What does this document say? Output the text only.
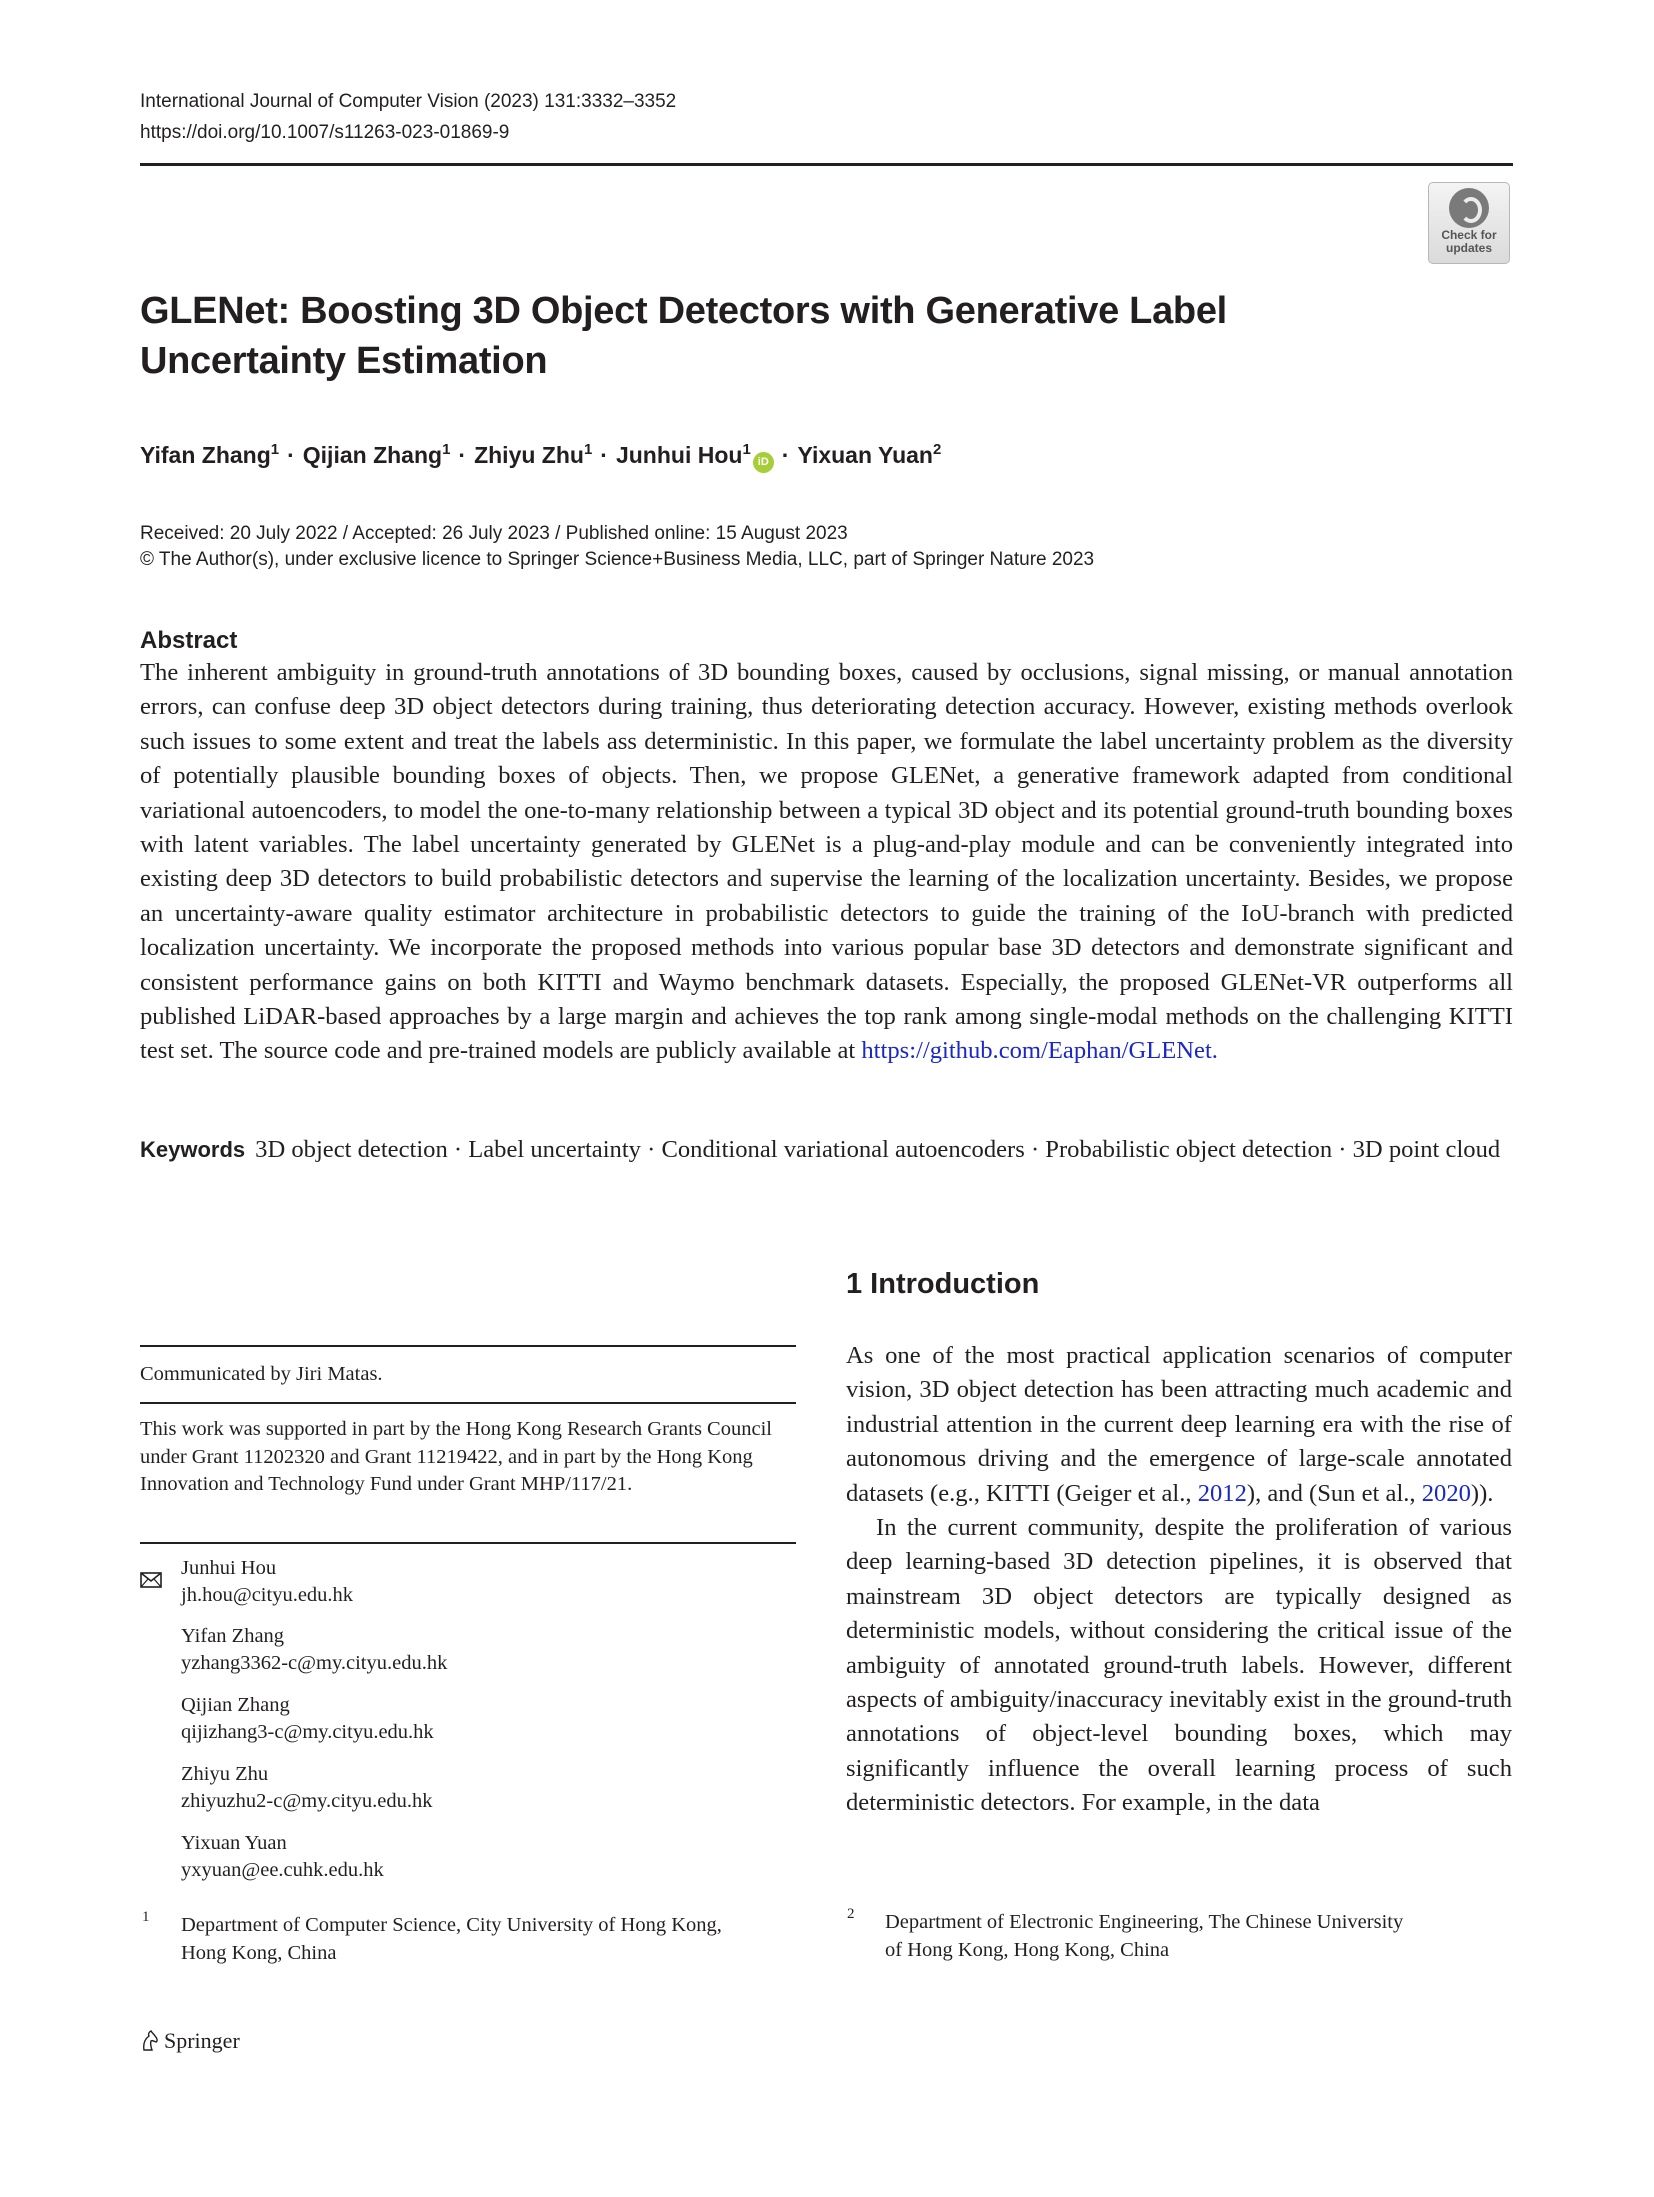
International Journal of Computer Vision (2023) 131:3332–3352
https://doi.org/10.1007/s11263-023-01869-9
Check for
updates
GLENet: Boosting 3D Object Detectors with Generative Label Uncertainty Estimation
Yifan Zhang$^1$ · Qijian Zhang$^1$ · Zhiyu Zhu$^1$ · Junhui Hou$^1$iD · Yixuan Yuan$^2$
Received: 20 July 2022 / Accepted: 26 July 2023 / Published online: 15 August 2023
© The Author(s), under exclusive licence to Springer Science+Business Media, LLC, part of Springer Nature 2023
Abstract

The inherent ambiguity in ground-truth annotations of 3D bounding boxes, caused by occlusions, signal missing, or manual annotation errors, can confuse deep 3D object detectors during training, thus deteriorating detection accuracy. However, existing methods overlook such issues to some extent and treat the labels ass deterministic. In this paper, we formulate the label uncertainty problem as the diversity of potentially plausible bounding boxes of objects. Then, we propose GLENet, a generative framework adapted from conditional variational autoencoders, to model the one-to-many relationship between a typical 3D object and its potential ground-truth bounding boxes with latent variables. The label uncertainty generated by GLENet is a plug-and-play module and can be conveniently integrated into existing deep 3D detectors to build probabilistic detectors and supervise the learning of the localization uncertainty. Besides, we propose an uncertainty-aware quality estimator architecture in probabilistic detectors to guide the training of the IoU-branch with predicted localization uncertainty. We incorporate the proposed methods into various popular base 3D detectors and demonstrate significant and consistent performance gains on both KITTI and Waymo benchmark datasets. Especially, the proposed GLENet-VR outperforms all published LiDAR-based approaches by a large margin and achieves the top rank among single-modal methods on the challenging KITTI test set. The source code and pre-trained models are publicly available at https://github.com/Eaphan/GLENet.

Keywords 3D object detection · Label uncertainty · Conditional variational autoencoders · Probabilistic object detection · 3D point cloud

Communicated by Jiri Matas.
This work was supported in part by the Hong Kong Research Grants Council under Grant 11202320 and Grant 11219422, and in part by the Hong Kong Innovation and Technology Fund under Grant MHP/117/21.
Junhui Hou
jh.hou@cityu.edu.hk
Yifan Zhang
yzhang3362-c@my.cityu.edu.hk
Qijian Zhang
qijizhang3-c@my.cityu.edu.hk
Zhiyu Zhu
zhiyuzhu2-c@my.cityu.edu.hk
Yixuan Yuan
yxyuan@ee.cuhk.edu.hk
1 Department of Computer Science, City University of Hong Kong, Hong Kong, China
1 Introduction

As one of the most practical application scenarios of computer vision, 3D object detection has been attracting much academic and industrial attention in the current deep learning era with the rise of autonomous driving and the emergence of large-scale annotated datasets (e.g., KITTI (Geiger et al., 2012), and (Sun et al., 2020)).

In the current community, despite the proliferation of various deep learning-based 3D detection pipelines, it is observed that mainstream 3D object detectors are typically designed as deterministic models, without considering the critical issue of the ambiguity of annotated ground-truth labels. However, different aspects of ambiguity/inaccuracy inevitably exist in the ground-truth annotations of object-level bounding boxes, which may significantly influence the overall learning process of such deterministic detectors. For example, in the data

2 Department of Electronic Engineering, The Chinese University of Hong Kong, Hong Kong, China
Springer
